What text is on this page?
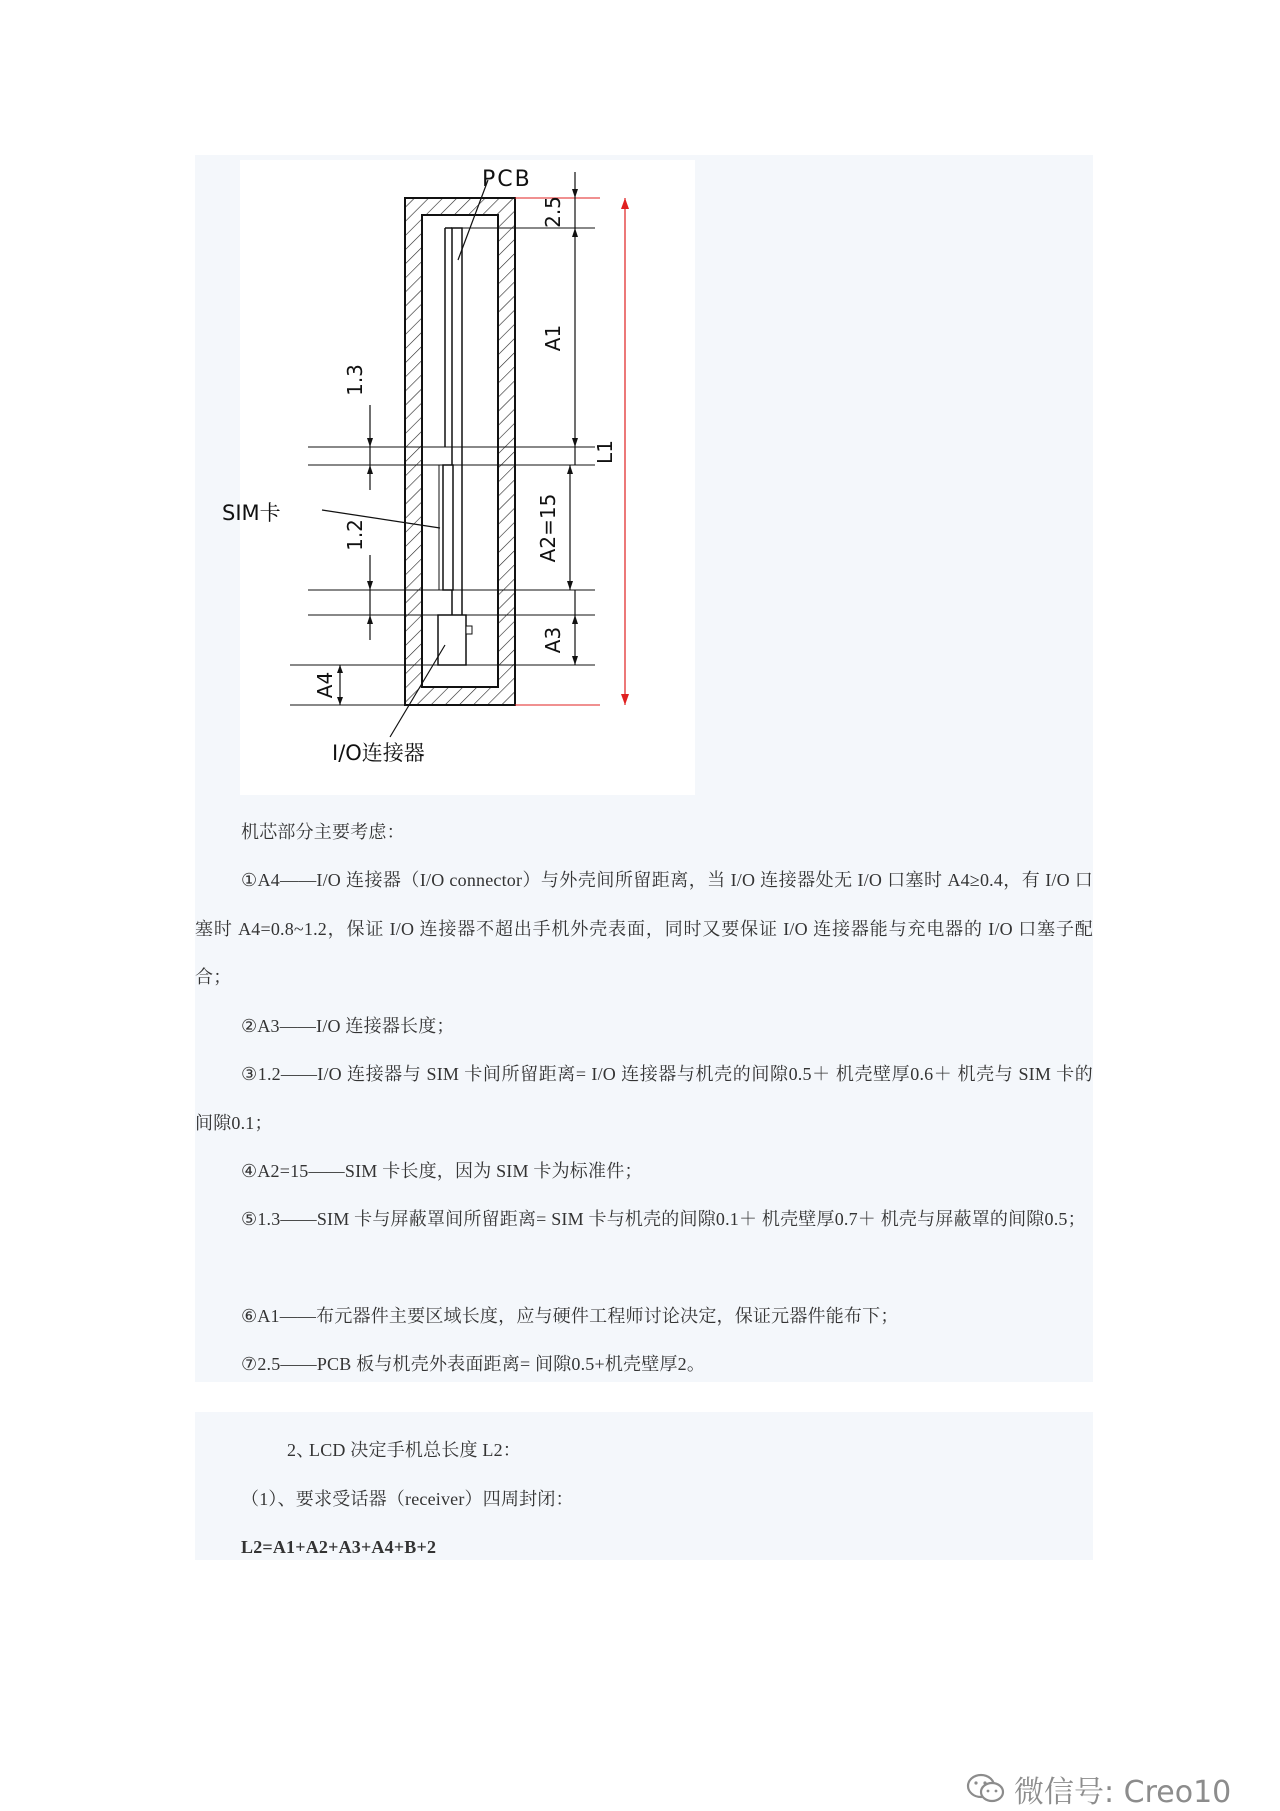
PCB
SIM卡
I/O连接器
2.5
A1
A2=15
A3
L1
1.3
1.2
A4

机芯部分主要考虑：

①A4——I/O 连接器（I/O connector）与外壳间所留距离，当 I/O 连接器处无 I/O 口塞时 A4≥0.4，有 I/O 口塞时 A4=0.8~1.2，保证 I/O 连接器不超出手机外壳表面，同时又要保证 I/O 连接器能与充电器的 I/O 口塞子配合；

②A3——I/O 连接器长度；

③1.2——I/O 连接器与 SIM 卡间所留距离= I/O 连接器与机壳的间隙0.5＋ 机壳壁厚0.6＋ 机壳与 SIM 卡的间隙0.1；

④A2=15——SIM 卡长度，因为 SIM 卡为标准件；

⑤1.3——SIM 卡与屏蔽罩间所留距离= SIM 卡与机壳的间隙0.1＋ 机壳壁厚0.7＋ 机壳与屏蔽罩的间隙0.5；

⑥A1——布元器件主要区域长度，应与硬件工程师讨论决定，保证元器件能布下；

⑦2.5——PCB 板与机壳外表面距离= 间隙0.5+机壳壁厚2。

2、LCD 决定手机总长度 L2：

（1）、要求受话器（receiver）四周封闭：

L2=A1+A2+A3+A4+B+2

微信号: Creo10
